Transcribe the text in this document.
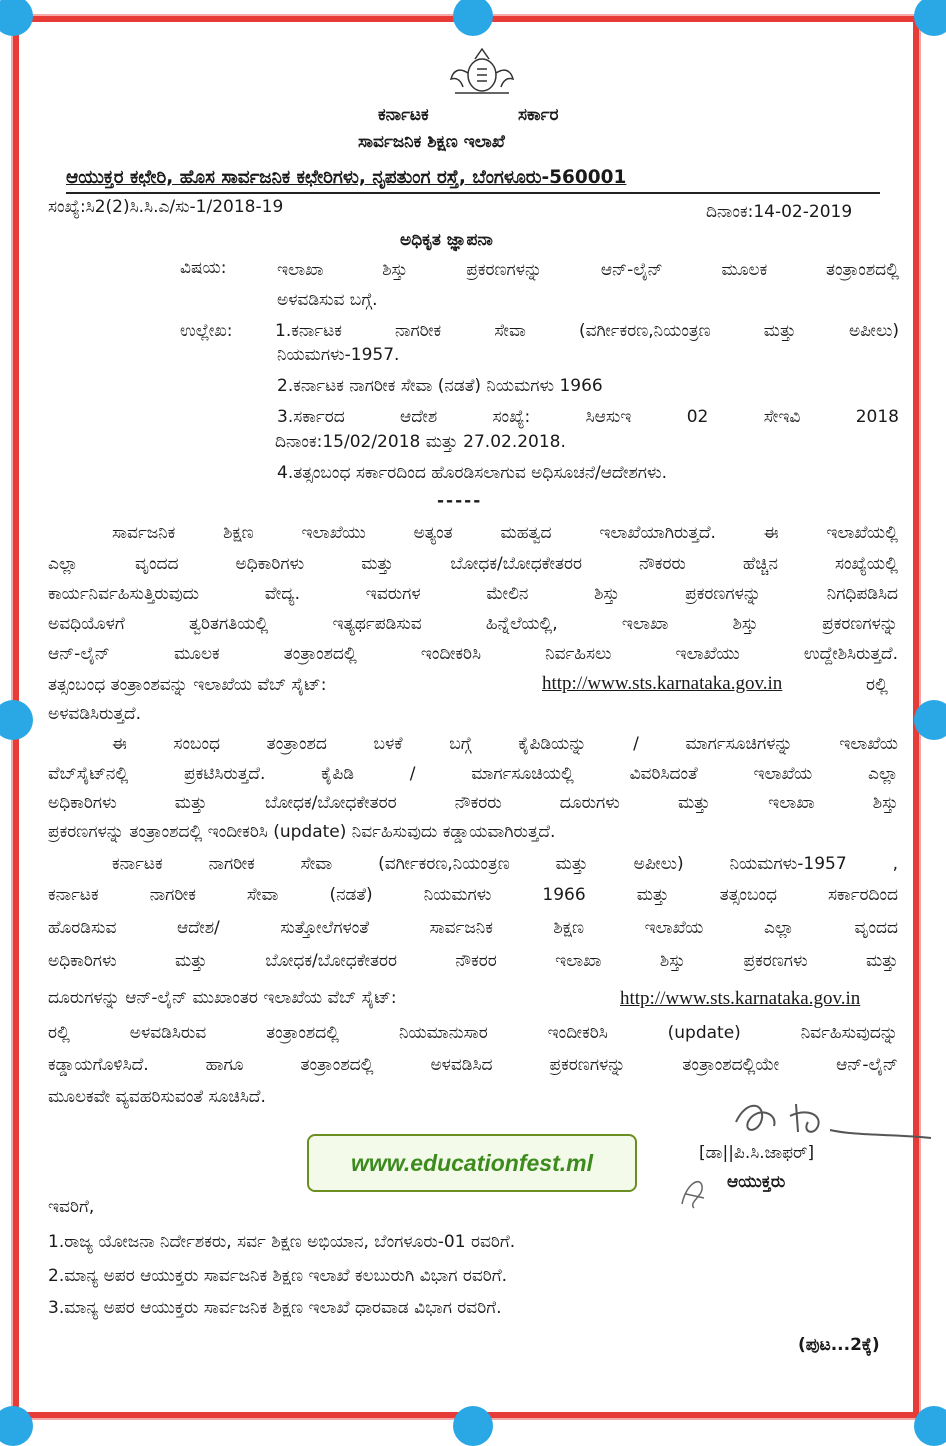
ಕರ್ನಾಟಕ	ಸರ್ಕಾರ
ಸಾರ್ವಜನಿಕ ಶಿಕ್ಷಣ ಇಲಾಖೆ
ಆಯುಕ್ತರ ಕಛೇರಿ, ಹೊಸ ಸಾರ್ವಜನಿಕ ಕಛೇರಿಗಳು, ನೃಪತುಂಗ ರಸ್ತೆ, ಬೆಂಗಳೂರು-560001
ಸಂಖ್ಯೆ:ಸಿ2(2)ಸಿ.ಸಿ.ಎ/ಸು-1/2018-19	ದಿನಾಂಕ:14-02-2019
ಅಧಿಕೃತ ಜ್ಞಾಪನಾ
ವಿಷಯ:	ಇಲಾಖಾ ಶಿಸ್ತು ಪ್ರಕರಣಗಳನ್ನು ಆನ್-ಲೈನ್ ಮೂಲಕ ತಂತ್ರಾಂಶದಲ್ಲಿ
ಅಳವಡಿಸುವ ಬಗ್ಗೆ.
ಉಲ್ಲೇಖ:	1.ಕರ್ನಾಟಕ ನಾಗರೀಕ ಸೇವಾ (ವರ್ಗೀಕರಣ,ನಿಯಂತ್ರಣ ಮತ್ತು ಅಪೀಲು)
ನಿಯಮಗಳು-1957.
2.ಕರ್ನಾಟಕ ನಾಗರೀಕ ಸೇವಾ (ನಡತೆ) ನಿಯಮಗಳು 1966
3.ಸರ್ಕಾರದ ಆದೇಶ ಸಂಖ್ಯೆ: ಸಿಆಸುಇ 02 ಸೇಇವಿ 2018
ದಿನಾಂಕ:15/02/2018 ಮತ್ತು 27.02.2018.
4.ತತ್ಸಂಬಂಧ ಸರ್ಕಾರದಿಂದ ಹೊರಡಿಸಲಾಗುವ ಅಧಿಸೂಚನೆ/ಆದೇಶಗಳು.
-----
ಸಾರ್ವಜನಿಕ ಶಿಕ್ಷಣ ಇಲಾಖೆಯು ಅತ್ಯಂತ ಮಹತ್ವದ ಇಲಾಖೆಯಾಗಿರುತ್ತದೆ. ಈ ಇಲಾಖೆಯಲ್ಲಿ
ಎಲ್ಲಾ ವೃಂದದ ಅಧಿಕಾರಿಗಳು ಮತ್ತು ಬೋಧಕ/ಬೋಧಕೇತರರ ನೌಕರರು ಹೆಚ್ಚಿನ ಸಂಖ್ಯೆಯಲ್ಲಿ
ಕಾರ್ಯನಿರ್ವಹಿಸುತ್ತಿರುವುದು ವೇದ್ಯ. ಇವರುಗಳ ಮೇಲಿನ ಶಿಸ್ತು ಪ್ರಕರಣಗಳನ್ನು ನಿಗಧಿಪಡಿಸಿದ
ಅವಧಿಯೊಳಗೆ ತ್ವರಿತಗತಿಯಲ್ಲಿ ಇತ್ಯರ್ಥಪಡಿಸುವ ಹಿನ್ನೆಲೆಯಲ್ಲಿ, ಇಲಾಖಾ ಶಿಸ್ತು ಪ್ರಕರಣಗಳನ್ನು
ಆನ್-ಲೈನ್ ಮೂಲಕ ತಂತ್ರಾಂಶದಲ್ಲಿ ಇಂದೀಕರಿಸಿ ನಿರ್ವಹಿಸಲು ಇಲಾಖೆಯು ಉದ್ದೇಶಿಸಿರುತ್ತದೆ.
ತತ್ಸಂಬಂಧ ತಂತ್ರಾಂಶವನ್ನು ಇಲಾಖೆಯ ವೆಬ್ ಸೈಟ್:	http://www.sts.karnataka.gov.in	ರಲ್ಲಿ
ಅಳವಡಿಸಿರುತ್ತದೆ.
ಈ ಸಂಬಂಧ ತಂತ್ರಾಂಶದ ಬಳಕೆ ಬಗ್ಗೆ ಕೈಪಿಡಿಯನ್ನು / ಮಾರ್ಗಸೂಚಿಗಳನ್ನು ಇಲಾಖೆಯ
ವೆಬ್‌ಸೈಟ್‌ನಲ್ಲಿ ಪ್ರಕಟಿಸಿರುತ್ತದೆ. ಕೈಪಿಡಿ / ಮಾರ್ಗಸೂಚಿಯಲ್ಲಿ ವಿವರಿಸಿದಂತೆ ಇಲಾಖೆಯ ಎಲ್ಲಾ
ಅಧಿಕಾರಿಗಳು ಮತ್ತು ಬೋಧಕ/ಬೋಧಕೇತರರ ನೌಕರರು ದೂರುಗಳು ಮತ್ತು ಇಲಾಖಾ ಶಿಸ್ತು
ಪ್ರಕರಣಗಳನ್ನು ತಂತ್ರಾಂಶದಲ್ಲಿ ಇಂದೀಕರಿಸಿ (update) ನಿರ್ವಹಿಸುವುದು ಕಡ್ಡಾಯವಾಗಿರುತ್ತದೆ.
ಕರ್ನಾಟಕ ನಾಗರೀಕ ಸೇವಾ (ವರ್ಗೀಕರಣ,ನಿಯಂತ್ರಣ ಮತ್ತು ಅಪೀಲು) ನಿಯಮಗಳು-1957 ,
ಕರ್ನಾಟಕ ನಾಗರೀಕ ಸೇವಾ (ನಡತೆ) ನಿಯಮಗಳು 1966 ಮತ್ತು ತತ್ಸಂಬಂಧ ಸರ್ಕಾರದಿಂದ
ಹೊರಡಿಸುವ ಆದೇಶ/ ಸುತ್ತೋಲೆಗಳಂತೆ ಸಾರ್ವಜನಿಕ ಶಿಕ್ಷಣ ಇಲಾಖೆಯ ಎಲ್ಲಾ ವೃಂದದ
ಅಧಿಕಾರಿಗಳು ಮತ್ತು ಬೋಧಕ/ಬೋಧಕೇತರರ ನೌಕರರ ಇಲಾಖಾ ಶಿಸ್ತು ಪ್ರಕರಣಗಳು ಮತ್ತು
ದೂರುಗಳನ್ನು ಆನ್-ಲೈನ್ ಮುಖಾಂತರ ಇಲಾಖೆಯ ವೆಬ್ ಸೈಟ್:	http://www.sts.karnataka.gov.in
ರಲ್ಲಿ ಅಳವಡಿಸಿರುವ ತಂತ್ರಾಂಶದಲ್ಲಿ ನಿಯಮಾನುಸಾರ ಇಂದೀಕರಿಸಿ (update) ನಿರ್ವಹಿಸುವುದನ್ನು
ಕಡ್ಡಾಯಗೊಳಿಸಿದೆ. ಹಾಗೂ ತಂತ್ರಾಂಶದಲ್ಲಿ ಅಳವಡಿಸಿದ ಪ್ರಕರಣಗಳನ್ನು ತಂತ್ರಾಂಶದಲ್ಲಿಯೇ ಆನ್-ಲೈನ್
ಮೂಲಕವೇ ವ್ಯವಹರಿಸುವಂತೆ ಸೂಚಿಸಿದೆ.
[ಡಾ||ಪಿ.ಸಿ.ಜಾಫರ್]
ಆಯುಕ್ತರು
www.educationfest.ml
ಇವರಿಗೆ,
1.ರಾಜ್ಯ ಯೋಜನಾ ನಿರ್ದೇಶಕರು, ಸರ್ವ ಶಿಕ್ಷಣ ಅಭಿಯಾನ, ಬೆಂಗಳೂರು-01 ರವರಿಗೆ.
2.ಮಾನ್ಯ ಅಪರ ಆಯುಕ್ತರು ಸಾರ್ವಜನಿಕ ಶಿಕ್ಷಣ ಇಲಾಖೆ ಕಲಬುರುಗಿ ವಿಭಾಗ ರವರಿಗೆ.
3.ಮಾನ್ಯ ಅಪರ ಆಯುಕ್ತರು ಸಾರ್ವಜನಿಕ ಶಿಕ್ಷಣ ಇಲಾಖೆ ಧಾರವಾಡ ವಿಭಾಗ ರವರಿಗೆ.
(ಪುಟ...2ಕ್ಕೆ)
